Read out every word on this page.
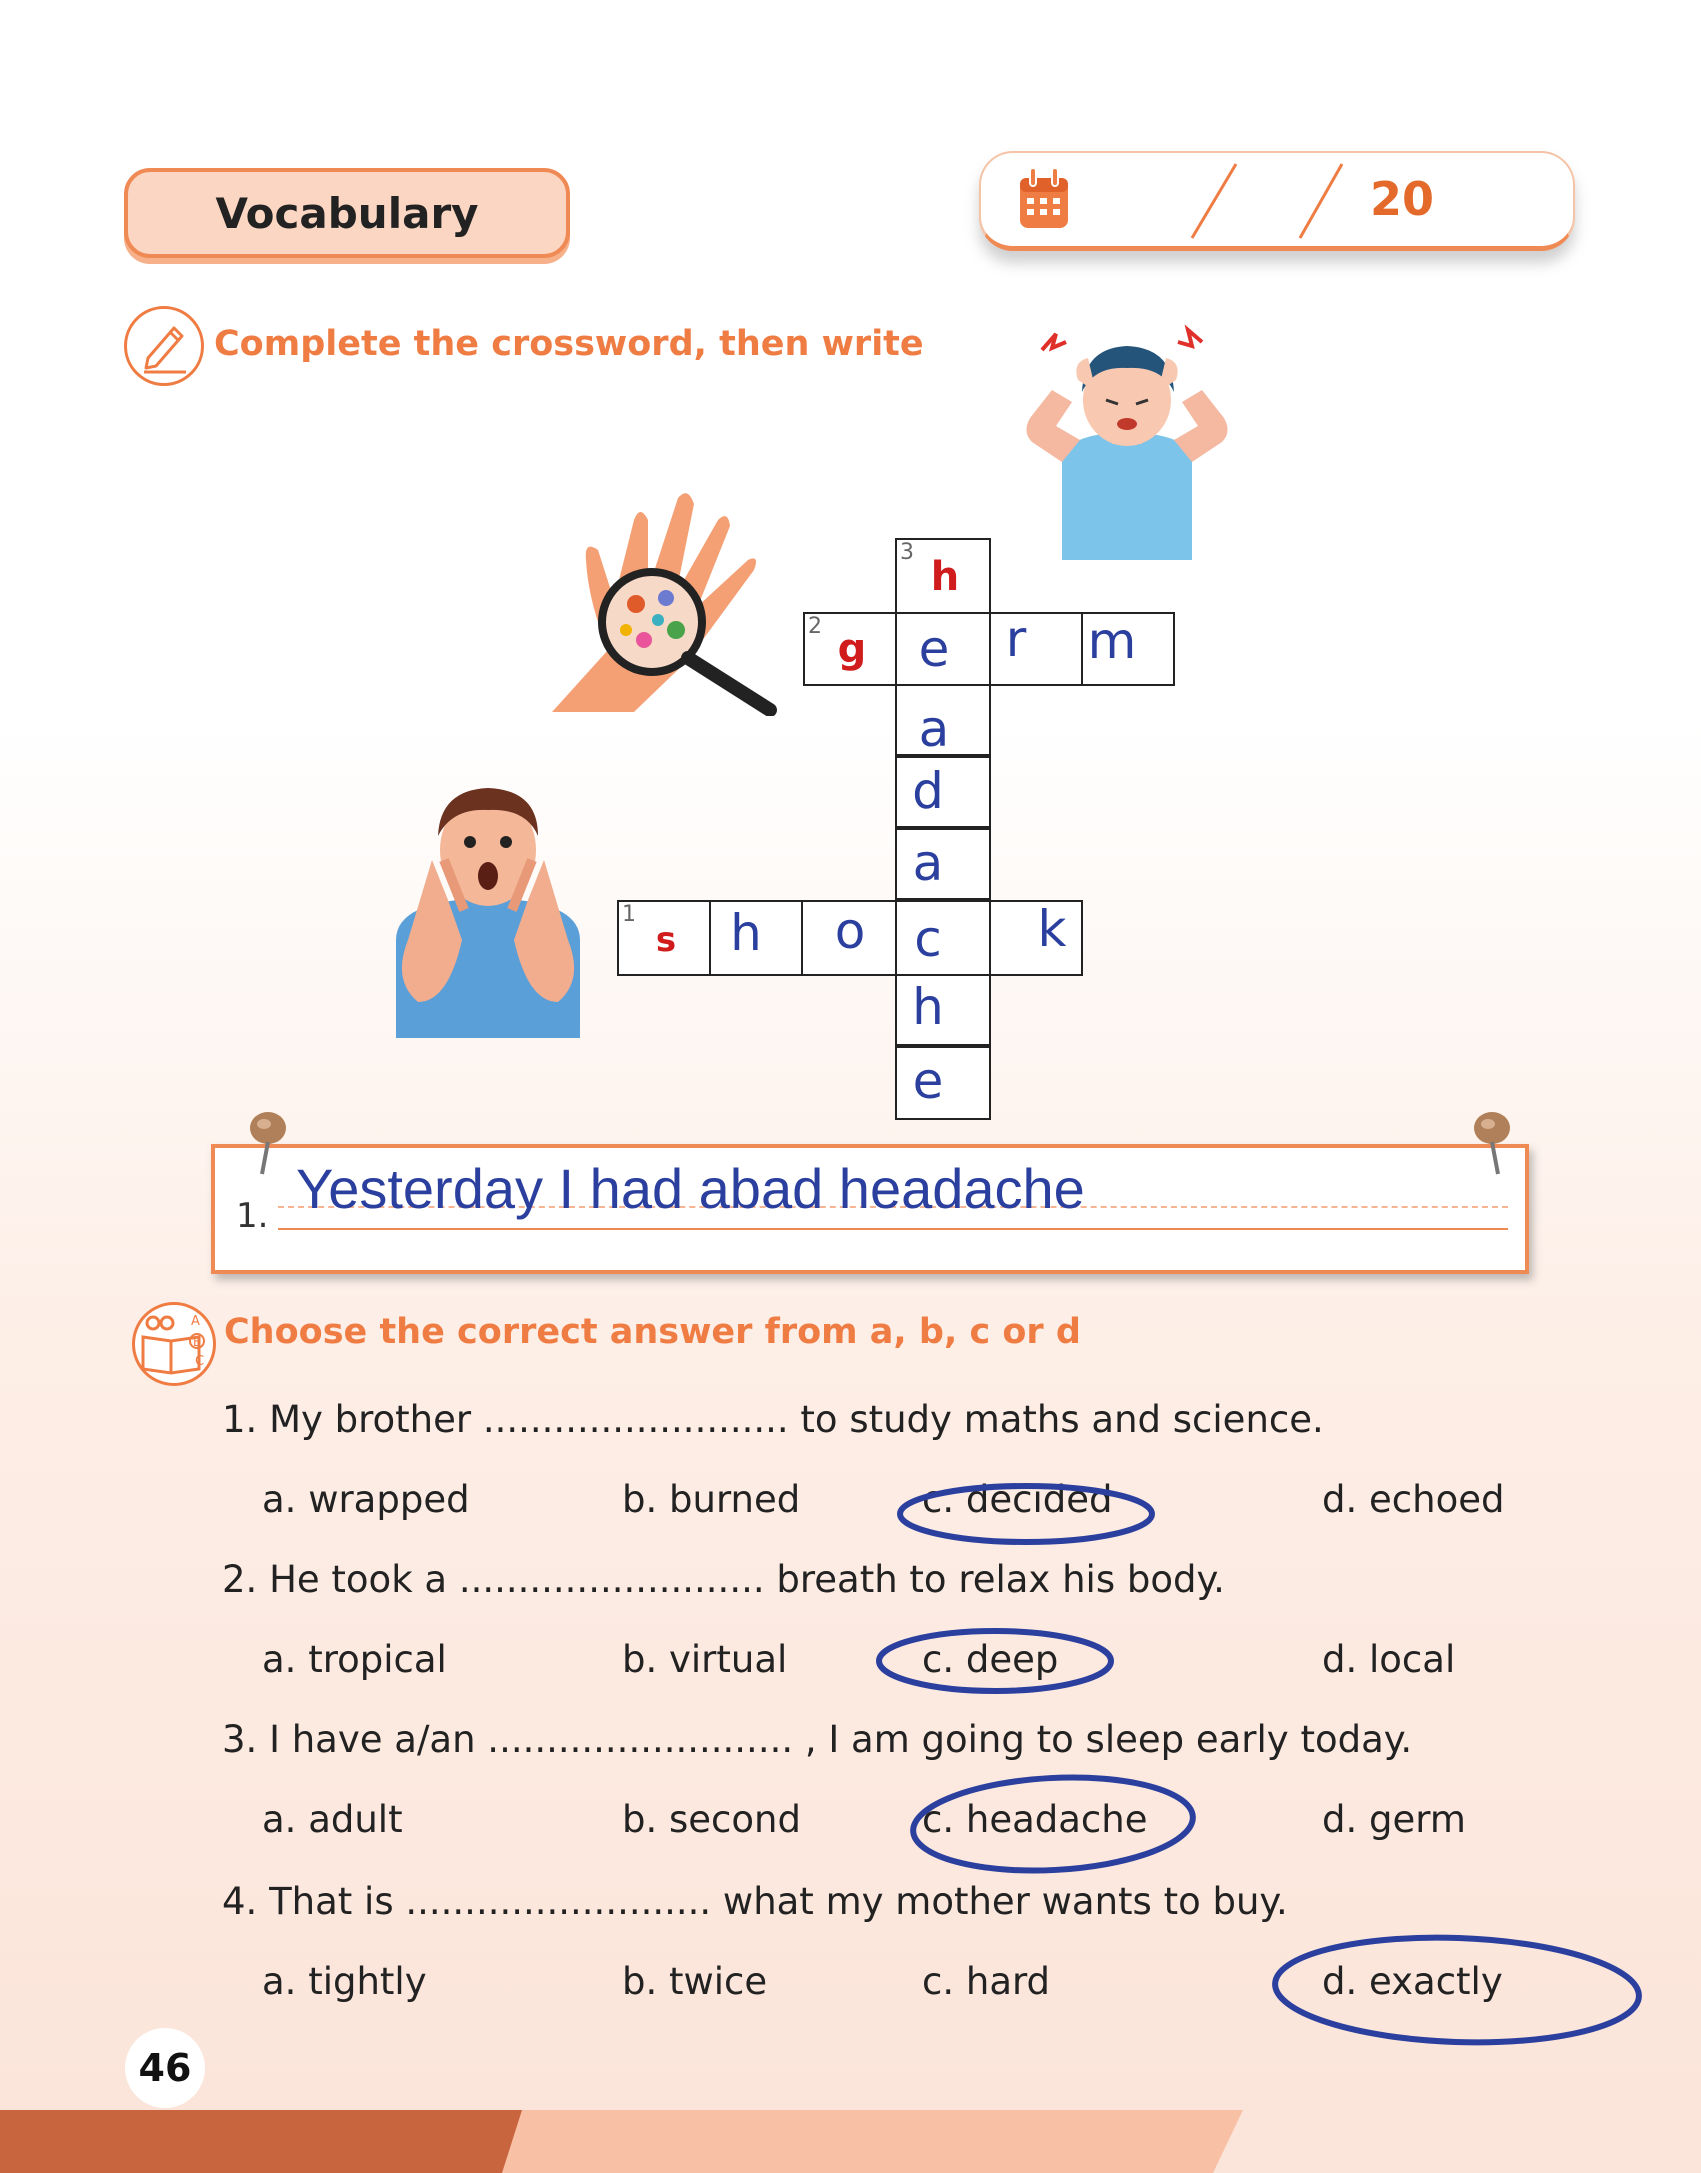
Vocabulary	20
Complete the crossword, then write
1
2
3
h
e
a
d
a
c
h
e
g	r	m
s	h	o	k
1. Yesterday I had abad headache
A
B
C
Choose the correct answer from a, b, c or d
1. My brother .......................... to study maths and science.
a. wrapped	b. burned	c. decided	d. echoed
2. He took a .......................... breath to relax his body.
a. tropical	b. virtual	c. deep	d. local
3. I have a/an .......................... , I am going to sleep early today.
a. adult	b. second	c. headache	d. germ
4. That is .......................... what my mother wants to buy.
a. tightly	b. twice	c. hard	d. exactly
46
